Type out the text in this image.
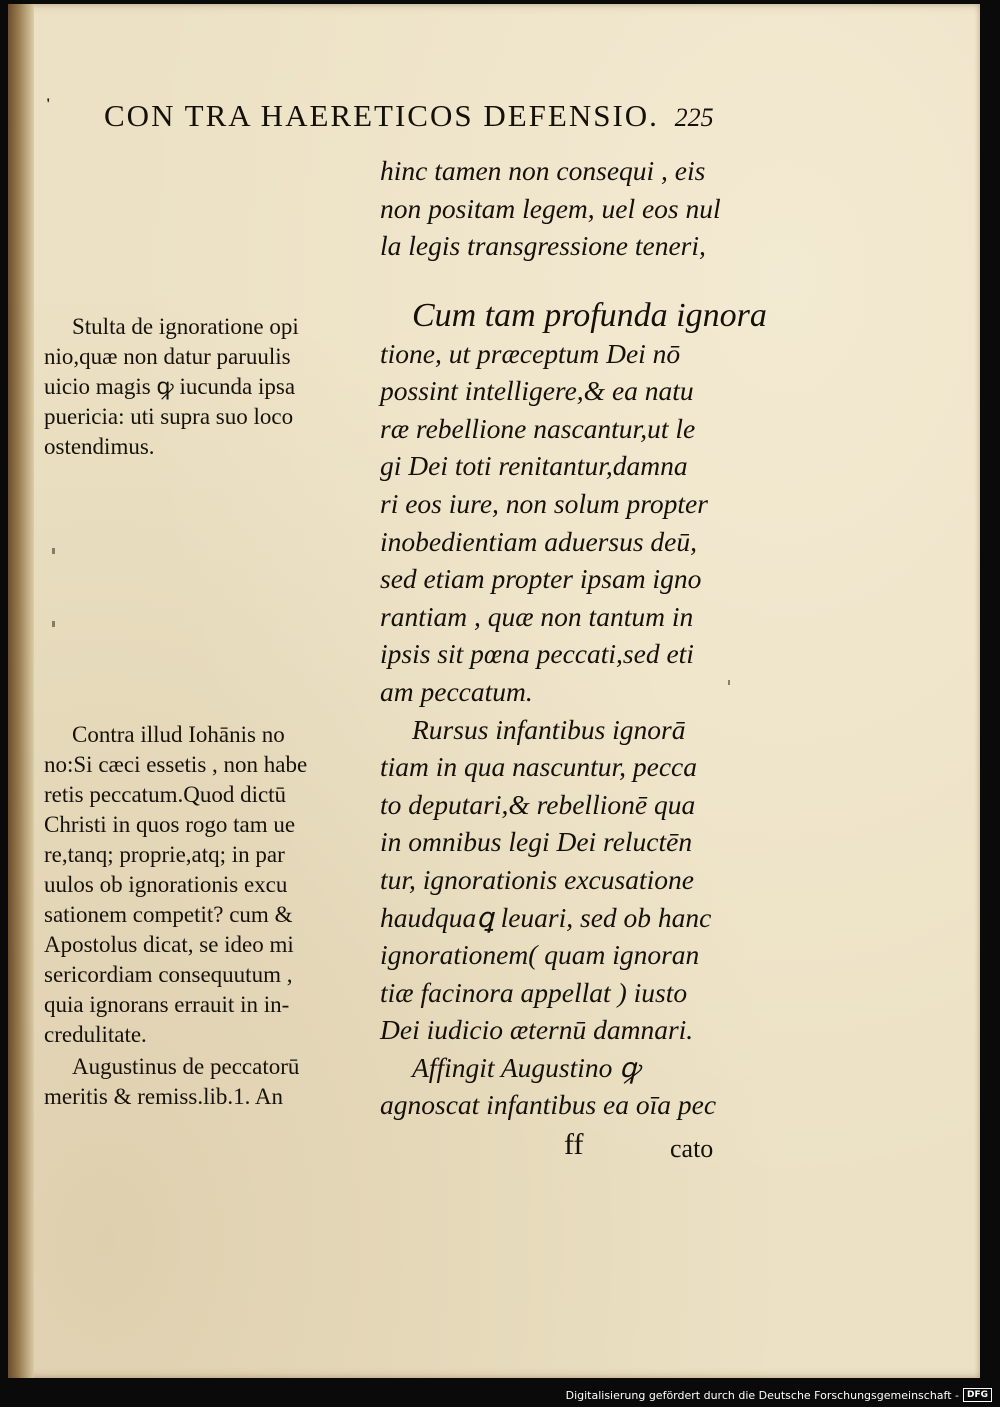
' CON TRA HAERETICOS DEFENSIO. 225
hinc tamen non consequi , eis
non positam legem, uel eos nul
la legis transgressione teneri,
Cum tam profunda ignora
tione, ut præceptum Dei nō
possint intelligere,& ea natu
ræ rebellione nascantur,ut le
gi Dei toti renitantur,damna
ri eos iure, non solum propter
inobedientiam aduersus deū,
sed etiam propter ipsam igno
rantiam , quæ non tantum in
ipsis sit pœna peccati,sed eti
am peccatum.
Rursus infantibus ignorā
tiam in qua nascuntur, pecca
to deputari,& rebellionē qua
in omnibus legi Dei reluctēn
tur, ignorationis excusatione
haudquaꝗ leuari, sed ob hanc
ignorationem( quam ignoran
tiæ facinora appellat ) iusto
Dei iudicio æternū damnari.
Affingit Augustino ꝙ
agnoscat infantibus ea oīa pec
Stulta de ignoratione opi
nio,quæ non datur paruulis
uicio magis ꝙ iucunda ipsa
puericia: uti supra suo loco
ostendimus.
Contra illud Iohānis no
no:Si cæci essetis , non habe
retis peccatum.Quod dictū
Christi in quos rogo tam ue
re,tanq; proprie,atq; in par
uulos ob ignorationis excu
sationem competit? cum &
Apostolus dicat, se ideo mi
sericordiam consequutum ,
quia ignorans errauit in in-
credulitate.
Augustinus de peccatorū
meritis & remiss.lib.1. An
ff	cato
Digitalisierung gefördert durch die Deutsche Forschungsgemeinschaft - DFG
